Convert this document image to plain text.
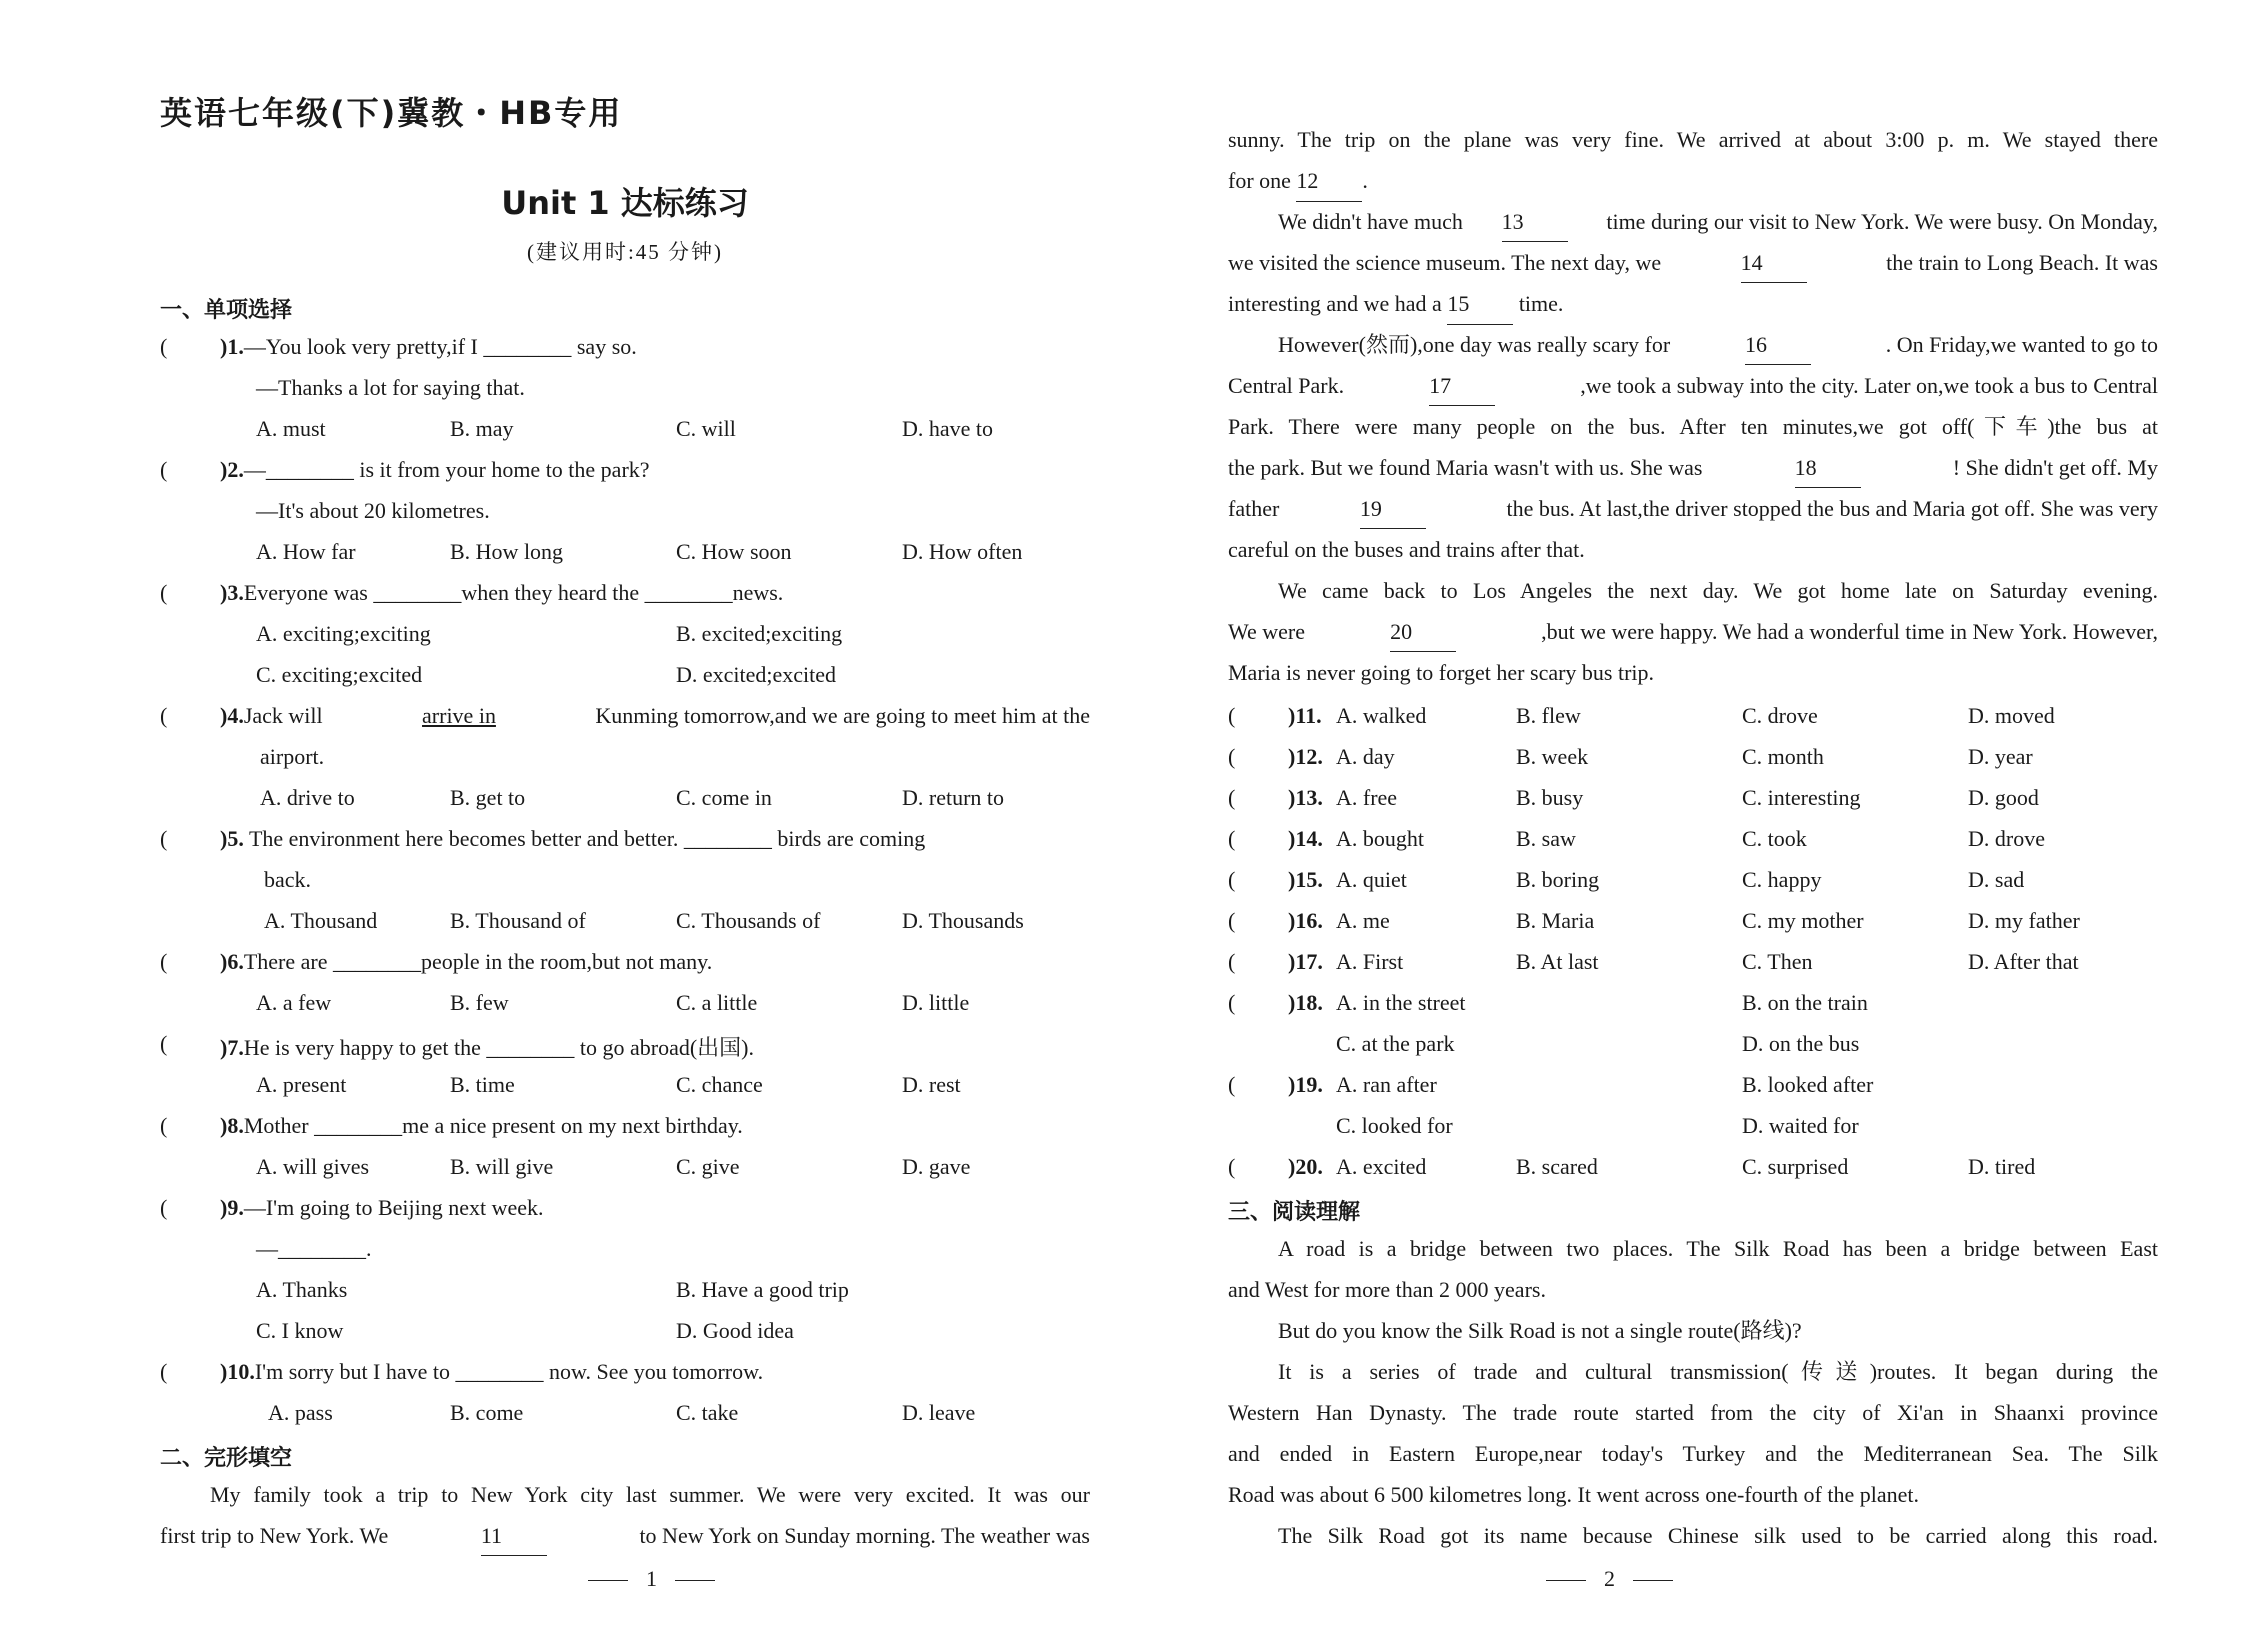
英语七年级(下)冀教・HB专用
Unit 1 达标练习
(建议用时:45 分钟)
一、单项选择
( )1.—You look very pretty,if I ________ say so.
—Thanks a lot for saying that.
A. must	B. may	C. will	D. have to
( )2.—________ is it from your home to the park?
—It's about 20 kilometres.
A. How far	B. How long	C. How soon	D. How often
( )3.Everyone was ________when they heard the ________news.
A. exciting;exciting	B. excited;exciting
C. exciting;excited	D. excited;excited
( )4.Jack will	arrive in	Kunming tomorrow,and we are going to meet him at the
airport.
A. drive to	B. get to	C. come in	D. return to
( )5. The environment here becomes better and better. ________ birds are coming
back.
A. Thousand	B. Thousand of	C. Thousands of	D. Thousands
( )6.There are ________people in the room,but not many.
A. a few	B. few	C. a little	D. little
( )7.He is very happy to get the ________ to go abroad(出国).
A. present	B. time	C. chance	D. rest
( )8.Mother ________me a nice present on my next birthday.
A. will gives	B. will give	C. give	D. gave
( )9.—I'm going to Beijing next week.
—________.
A. Thanks	B. Have a good trip
C. I know	D. Good idea
( )10.I'm sorry but I have to ________ now. See you tomorrow.
A. pass	B. come	C. take	D. leave
二、完形填空
My family took a trip to New York city last summer. We were very excited. It was our
first trip to New York. We	11	to New York on Sunday morning. The weather was
1
sunny. The trip on the plane was very fine. We arrived at about 3:00 p. m. We stayed there
for one 12 .
We didn't have much 13	time during our visit to New York. We were busy. On Monday,
we visited the science museum. The next day, we	14	the train to Long Beach. It was
interesting and we had a 15 time.
However(然而),one day was really scary for	16	. On Friday,we wanted to go to
Central Park.	17	,we took a subway into the city. Later on,we took a bus to Central
Park. There were many people on the bus. After ten minutes,we got off(下车)the bus at
the park. But we found Maria wasn't with us. She was	18	! She didn't get off. My
father	19	the bus. At last,the driver stopped the bus and Maria got off. She was very
careful on the buses and trains after that.
We came back to Los Angeles the next day. We got home late on Saturday evening.
We were	20	,but we were happy. We had a wonderful time in New York. However,
Maria is never going to forget her scary bus trip.
( )11. A. walked	B. flew	C. drove	D. moved
( )12. A. day	B. week	C. month	D. year
( )13. A. free	B. busy	C. interesting	D. good
( )14. A. bought	B. saw	C. took	D. drove
( )15. A. quiet	B. boring	C. happy	D. sad
( )16. A. me	B. Maria	C. my mother	D. my father
( )17. A. First	B. At last	C. Then	D. After that
( )18. A. in the street	B. on the train
C. at the park	D. on the bus
( )19. A. ran after	B. looked after
C. looked for	D. waited for
( )20. A. excited	B. scared	C. surprised	D. tired
三、阅读理解
A road is a bridge between two places. The Silk Road has been a bridge between East
and West for more than 2 000 years.
But do you know the Silk Road is not a single route(路线)?
It is a series of trade and cultural transmission(传送)routes. It began during the
Western Han Dynasty. The trade route started from the city of Xi'an in Shaanxi province
and ended in Eastern Europe,near today's Turkey and the Mediterranean Sea. The Silk
Road was about 6 500 kilometres long. It went across one-fourth of the planet.
The Silk Road got its name because Chinese silk used to be carried along this road.
2
